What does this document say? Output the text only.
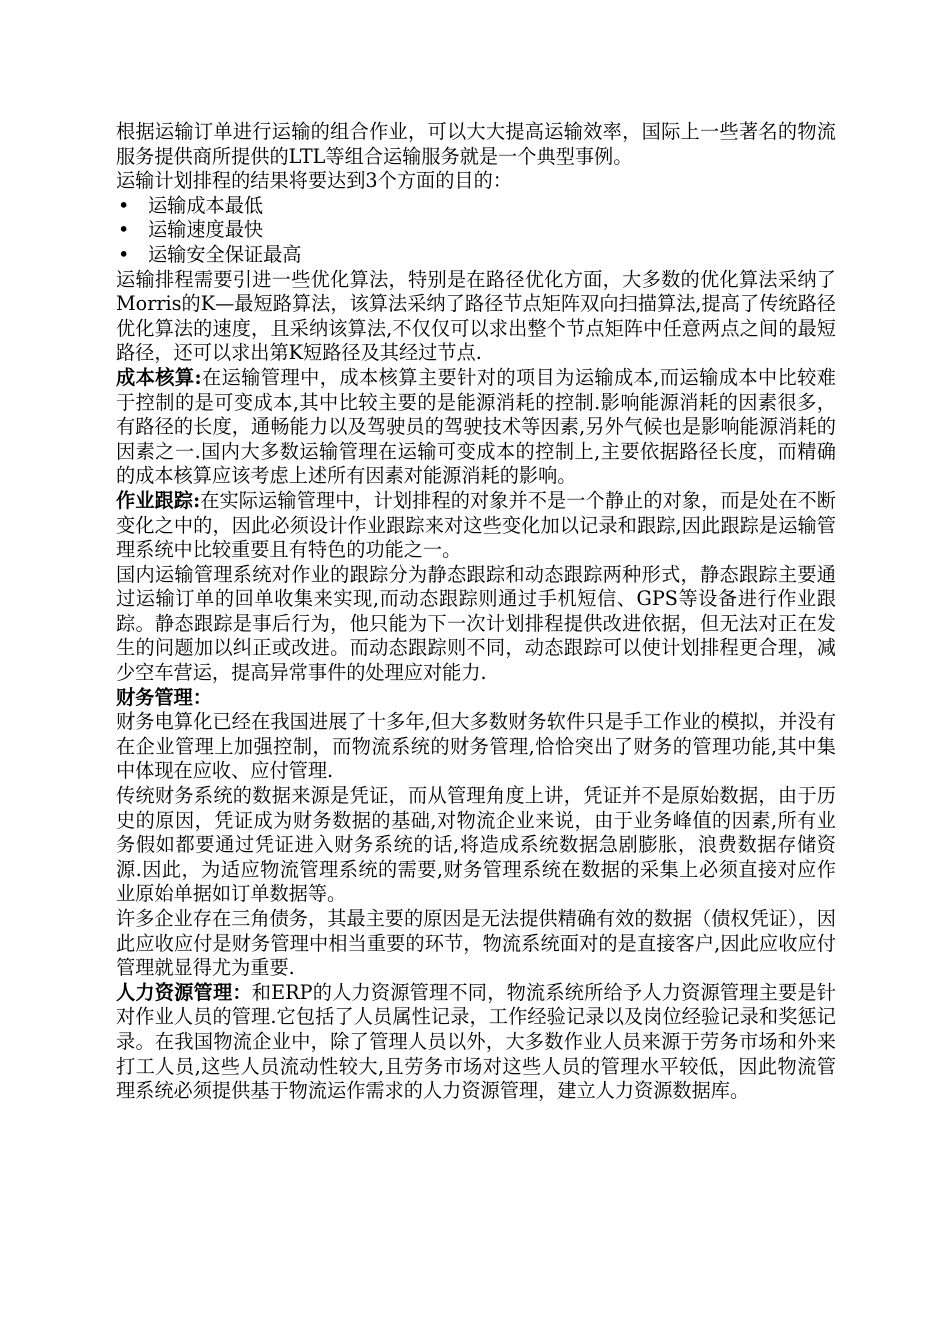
根据运输订单进行运输的组合作业，可以大大提高运输效率，国际上一些著名的物流服务提供商所提供的LTL等组合运输服务就是一个典型事例。

运输计划排程的结果将要达到3个方面的目的：

• 运输成本最低
• 运输速度最快
• 运输安全保证最高

运输排程需要引进一些优化算法，特别是在路径优化方面，大多数的优化算法采纳了Morris的K—最短路算法，该算法采纳了路径节点矩阵双向扫描算法,提高了传统路径优化算法的速度，且采纳该算法,不仅仅可以求出整个节点矩阵中任意两点之间的最短路径，还可以求出第K短路径及其经过节点.

成本核算:在运输管理中，成本核算主要针对的项目为运输成本,而运输成本中比较难于控制的是可变成本,其中比较主要的是能源消耗的控制.影响能源消耗的因素很多，有路径的长度，通畅能力以及驾驶员的驾驶技术等因素,另外气候也是影响能源消耗的因素之一.国内大多数运输管理在运输可变成本的控制上,主要依据路径长度，而精确的成本核算应该考虑上述所有因素对能源消耗的影响。

作业跟踪:在实际运输管理中，计划排程的对象并不是一个静止的对象，而是处在不断变化之中的，因此必须设计作业跟踪来对这些变化加以记录和跟踪,因此跟踪是运输管理系统中比较重要且有特色的功能之一。

国内运输管理系统对作业的跟踪分为静态跟踪和动态跟踪两种形式，静态跟踪主要通过运输订单的回单收集来实现,而动态跟踪则通过手机短信、GPS等设备进行作业跟踪。静态跟踪是事后行为，他只能为下一次计划排程提供改进依据，但无法对正在发生的问题加以纠正或改进。而动态跟踪则不同，动态跟踪可以使计划排程更合理，减少空车营运，提高异常事件的处理应对能力.

财务管理：

财务电算化已经在我国进展了十多年,但大多数财务软件只是手工作业的模拟，并没有在企业管理上加强控制，而物流系统的财务管理,恰恰突出了财务的管理功能,其中集中体现在应收、应付管理.

传统财务系统的数据来源是凭证，而从管理角度上讲，凭证并不是原始数据，由于历史的原因，凭证成为财务数据的基础,对物流企业来说，由于业务峰值的因素,所有业务假如都要通过凭证进入财务系统的话,将造成系统数据急剧膨胀，浪费数据存储资源.因此，为适应物流管理系统的需要,财务管理系统在数据的采集上必须直接对应作业原始单据如订单数据等。

许多企业存在三角债务，其最主要的原因是无法提供精确有效的数据（债权凭证），因此应收应付是财务管理中相当重要的环节，物流系统面对的是直接客户,因此应收应付管理就显得尤为重要.

人力资源管理：和ERP的人力资源管理不同，物流系统所给予人力资源管理主要是针对作业人员的管理.它包括了人员属性记录，工作经验记录以及岗位经验记录和奖惩记录。在我国物流企业中，除了管理人员以外，大多数作业人员来源于劳务市场和外来打工人员,这些人员流动性较大,且劳务市场对这些人员的管理水平较低，因此物流管理系统必须提供基于物流运作需求的人力资源管理，建立人力资源数据库。
